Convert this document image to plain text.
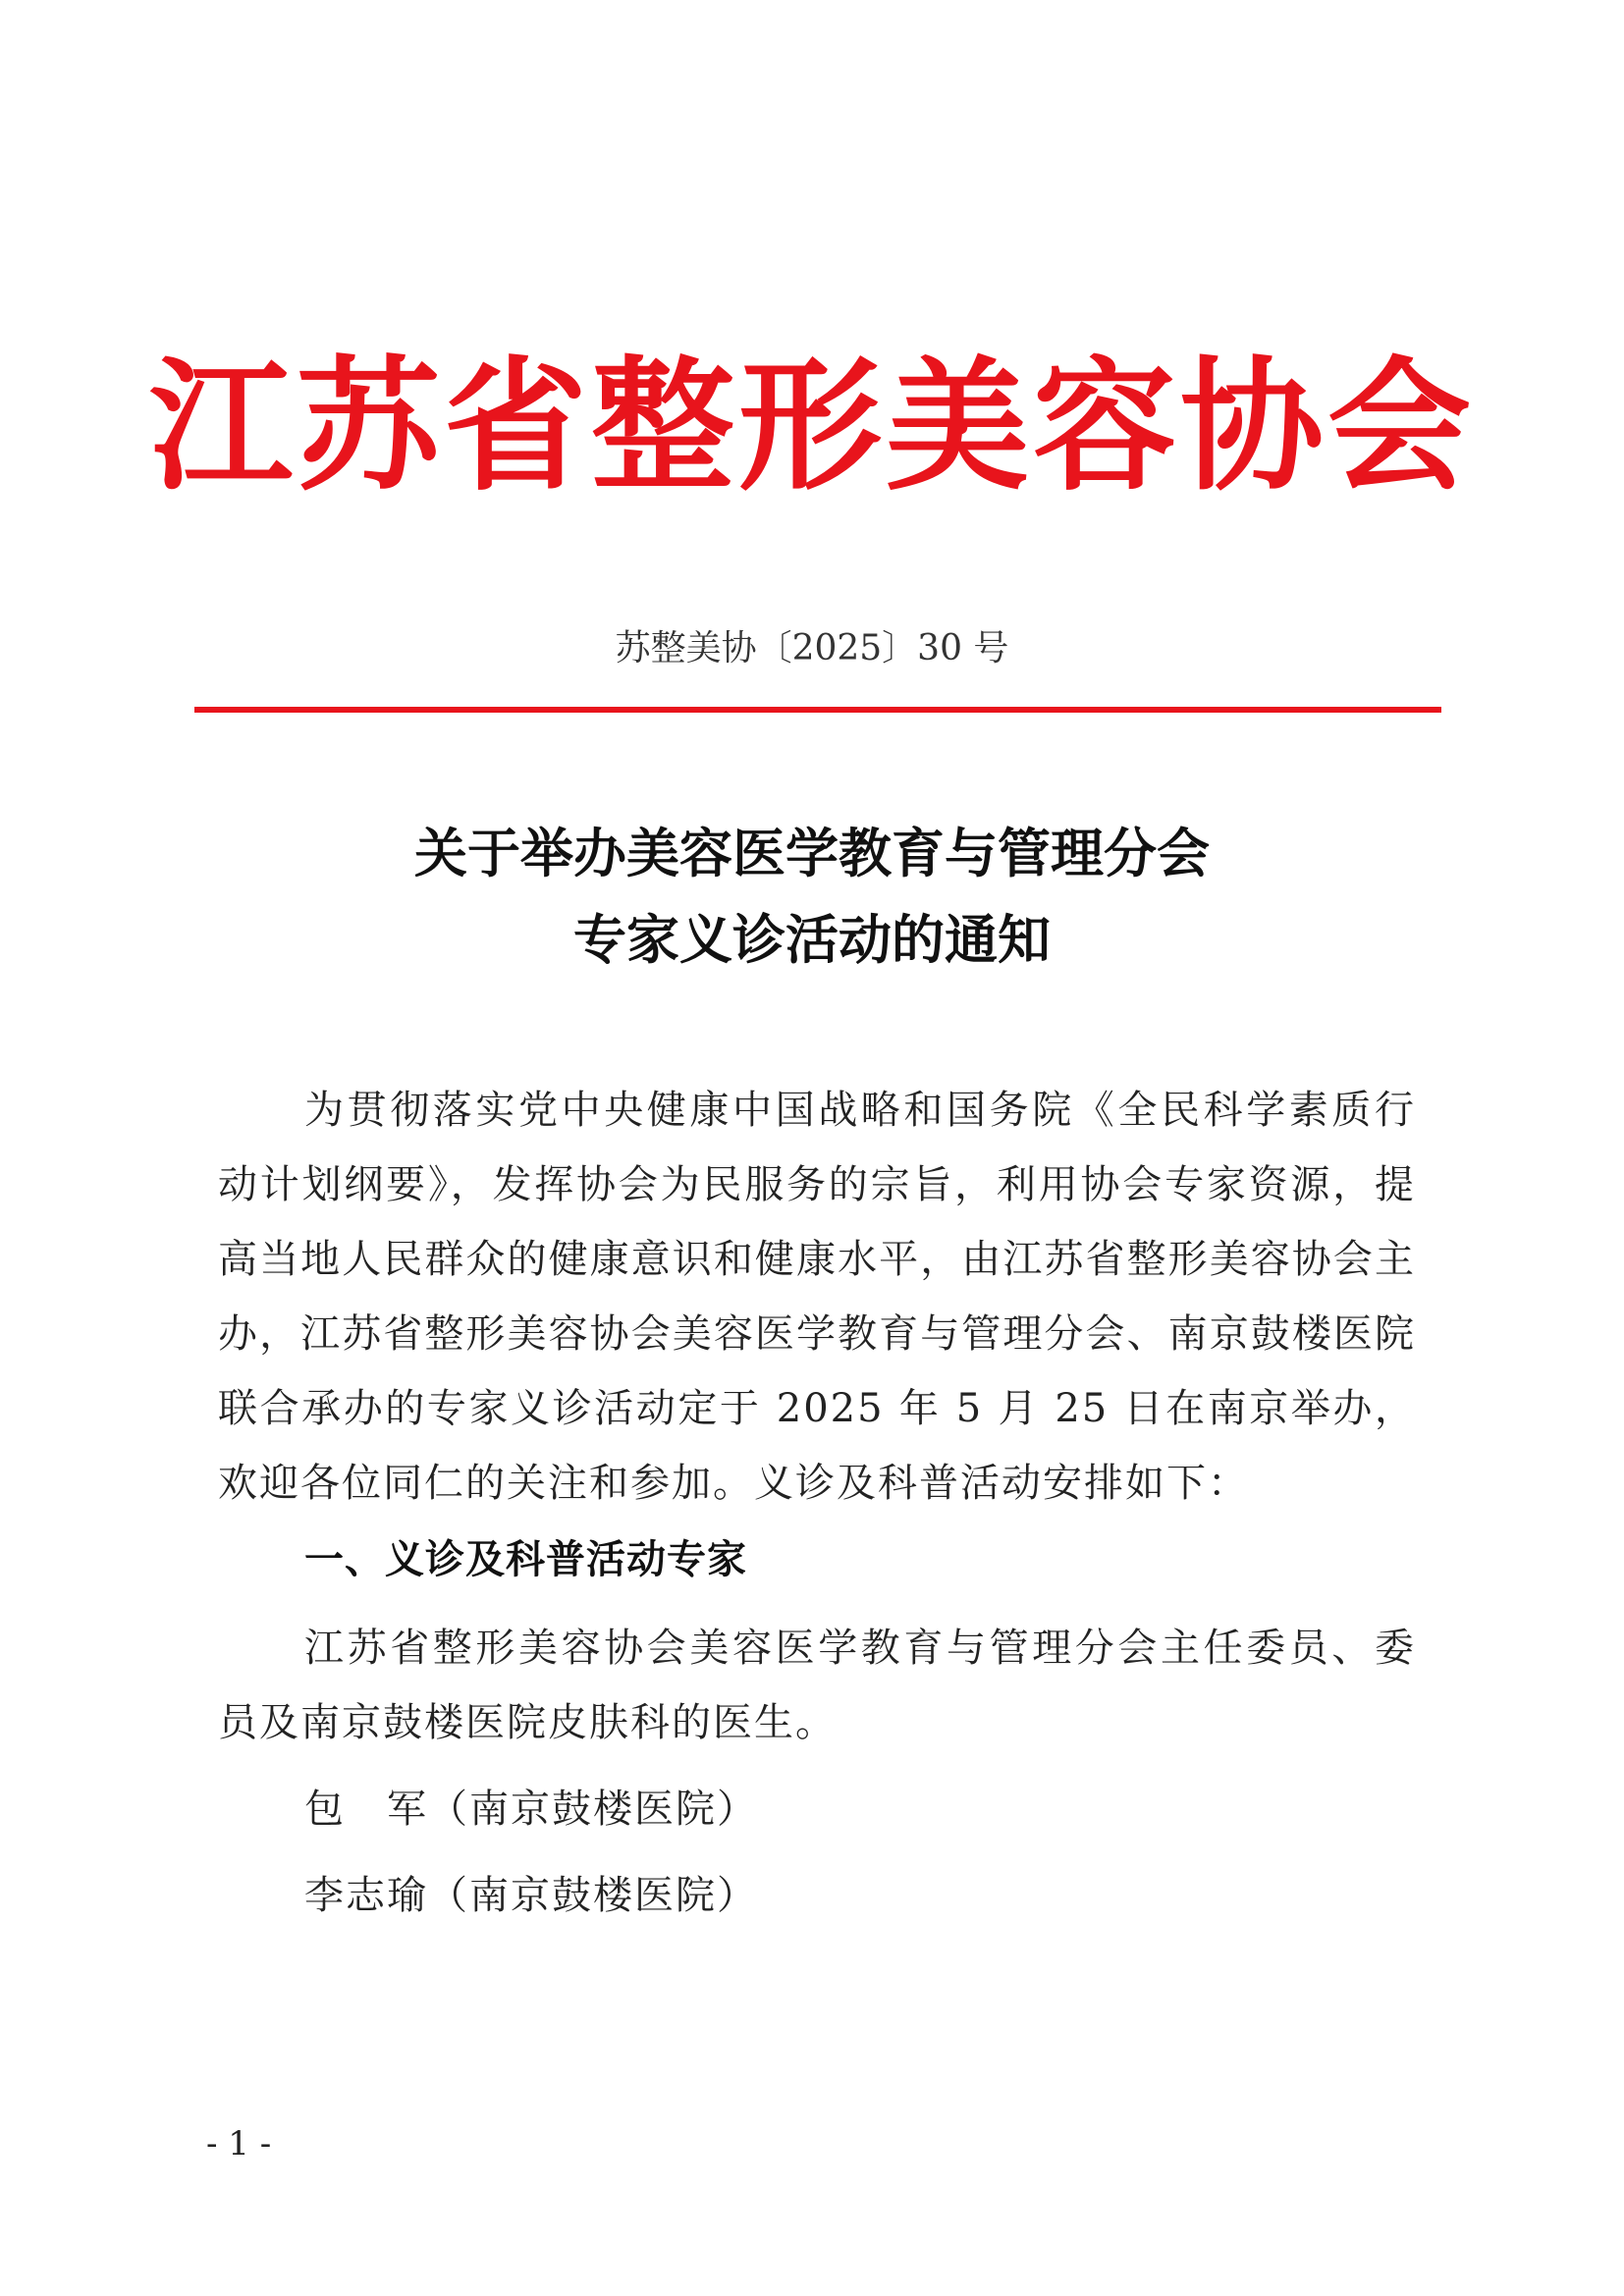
江苏省整形美容协会
苏整美协〔2025〕30 号
关于举办美容医学教育与管理分会
专家义诊活动的通知

为贯彻落实党中央健康中国战略和国务院《全民科学素质行动计划纲要》，发挥协会为民服务的宗旨，利用协会专家资源，提高当地人民群众的健康意识和健康水平，由江苏省整形美容协会主办，江苏省整形美容协会美容医学教育与管理分会、南京鼓楼医院联合承办的专家义诊活动定于 2025 年 5 月 25 日在南京举办，欢迎各位同仁的关注和参加。义诊及科普活动安排如下：

一、义诊及科普活动专家

江苏省整形美容协会美容医学教育与管理分会主任委员、委员及南京鼓楼医院皮肤科的医生。

包　军（南京鼓楼医院）

李志瑜（南京鼓楼医院）

- 1 -
